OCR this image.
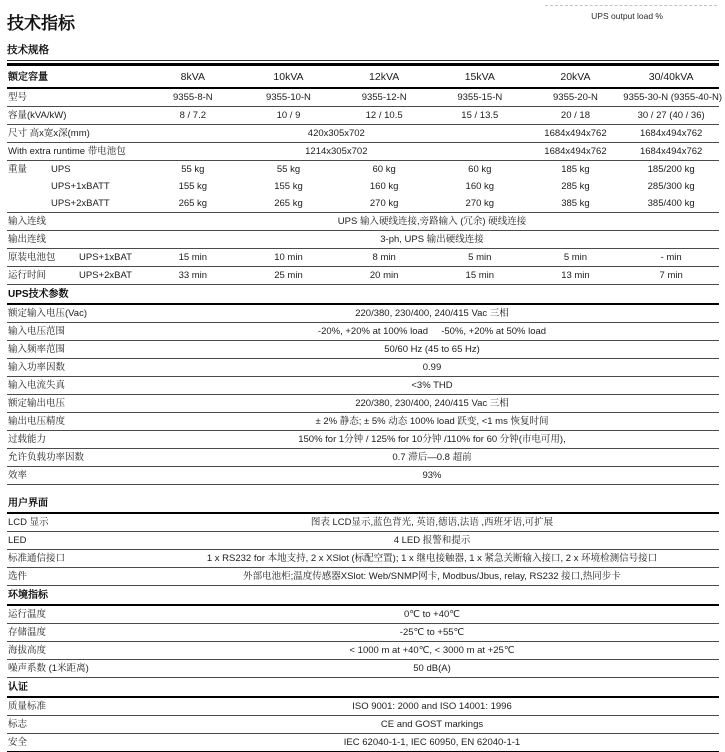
UPS output load %
技术指标
技术规格
额定容量	8kVA	10kVA	12kVA	15kVA	20kVA	30/40kVA
型号	9355-8-N	9355-10-N	9355-12-N	9355-15-N	9355-20-N	9355-30-N (9355-40-N)
容量(kVA/kW)	8 / 7.2	10 / 9	12 / 10.5	15 / 13.5	20 / 18	30 / 27 (40 / 36)
尺寸 高x宽x深(mm)	420x305x702				1684x494x762	1684x494x762
With extra runtime 带电池包	1214x305x702				1684x494x762	1684x494x762
重量 UPS	55 kg	55 kg	60 kg	60 kg	185 kg	185/200 kg
UPS+1xBATT	155 kg	155 kg	160 kg	160 kg	285 kg	285/300 kg
UPS+2xBATT	265 kg	265 kg	270 kg	270 kg	385 kg	385/400 kg
输入连线	UPS 输入硬线连接,旁路输入 (冗余) 硬线连接					
输出连线	3-ph, UPS 输出硬线连接					
原装电池包 UPS+1xBAT	15 min	10 min	8 min	5 min	5 min	- min
运行时间 UPS+2xBAT	33 min	25 min	20 min	15 min	13 min	7 min
UPS技术参数						
额定输入电压(Vac)	220/380, 230/400, 240/415 Vac 三相					
输入电压范围	-20%, +20% at 100% load     -50%, +20% at 50% load					
输入频率范围	50/60 Hz (45 to 65 Hz)					
输入功率因数	0.99					
输入电流失真	<3% THD					
额定输出电压	220/380, 230/400, 240/415 Vac 三相					
输出电压精度	± 2% 静态; ± 5% 动态 100% load 跃变, <1 ms 恢复时间					
过载能力	150% for 1分钟 / 125% for 10分钟 /110% for 60 分钟(市电可用),					
允许负载功率因数	0.7 滞后—0.8 超前					
效率	93%					
用户界面						
LCD 显示	图表 LCD显示,蓝色背光, 英语,德语,法语 ,西班牙语,可扩展					
LED	4 LED 报警和提示					
标准通信接口	1 x RS232 for 本地支持, 2 x XSlot (标配空置); 1 x 继电接触器, 1 x 紧急关断输入接口, 2 x 环境检测信号接口					
选件	外部电池柜;温度传感器XSlot: Web/SNMP网卡, Modbus/Jbus, relay, RS232 接口,热同步卡					
环境指标						
运行温度	0℃ to +40℃					
存储温度	-25℃ to +55℃					
海拔高度	< 1000 m at +40℃, < 3000 m at +25℃					
噪声系数 (1米距离)	50 dB(A)					
认证						
质量标准	ISO 9001: 2000 and ISO 14001: 1996					
标志	CE and GOST markings					
安全	IEC 62040-1-1, IEC 60950, EN 62040-1-1					
